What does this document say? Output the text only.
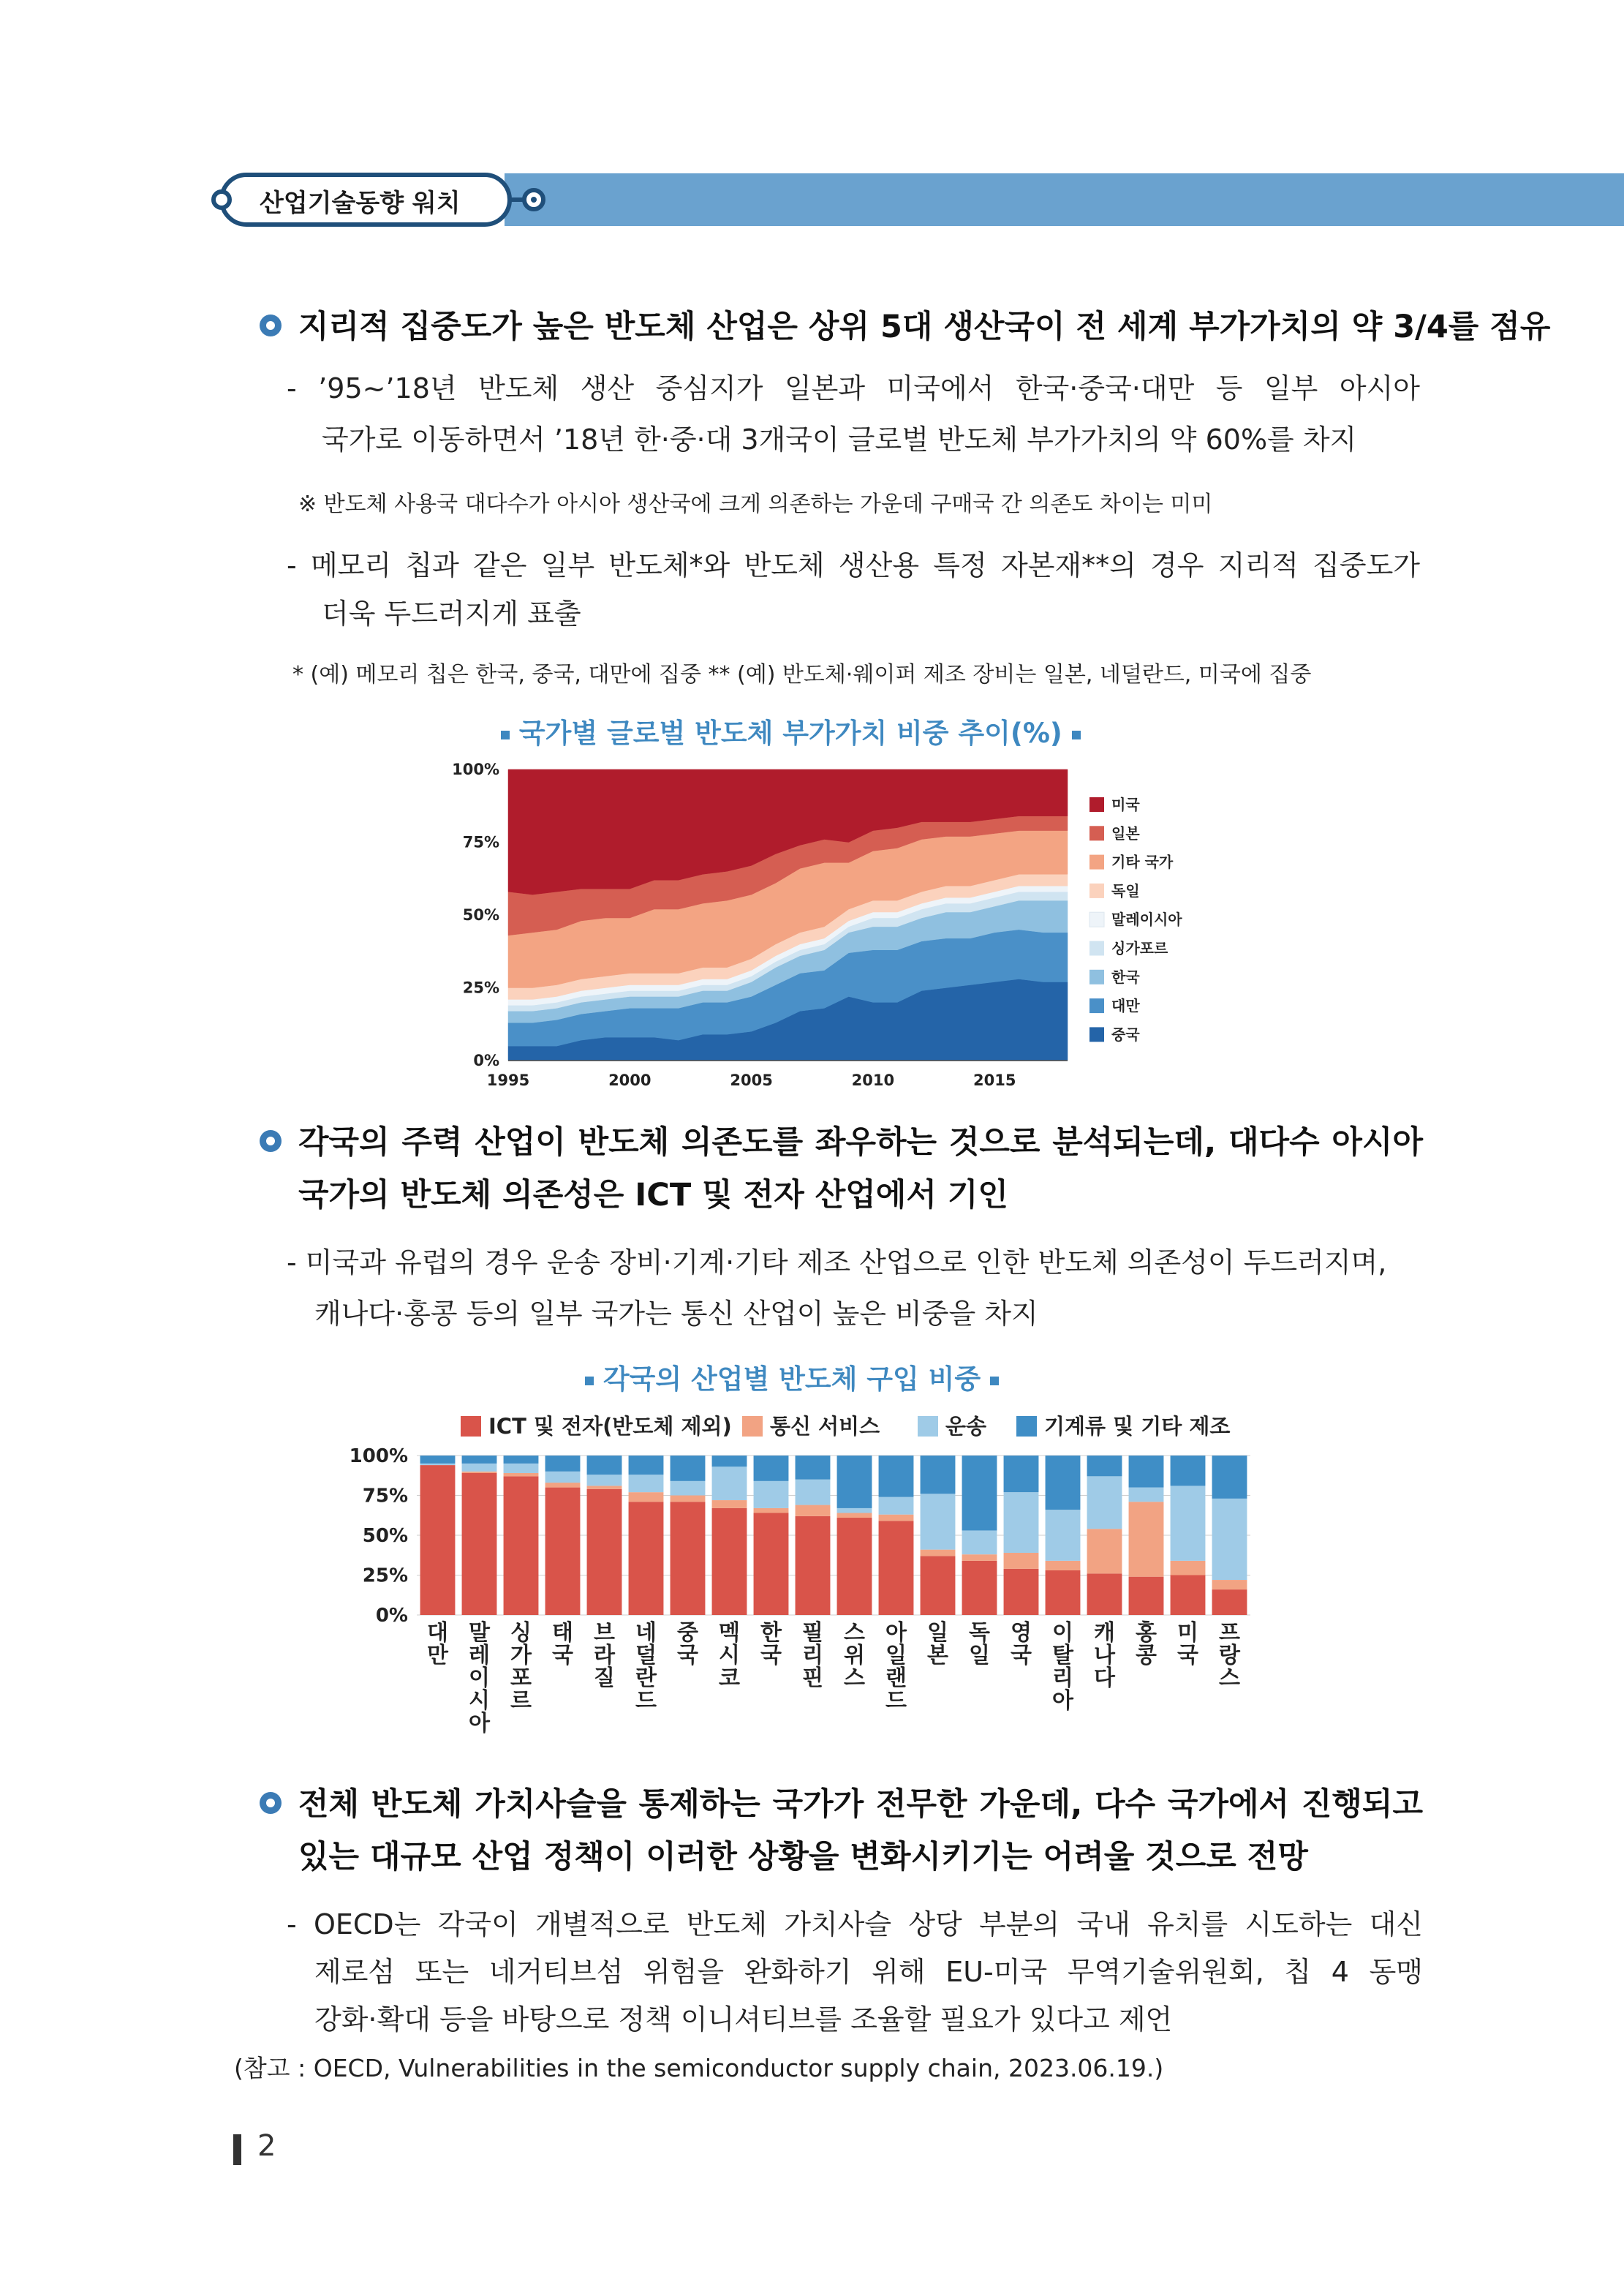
산업기술동향 워치
지리적 집중도가 높은 반도체 산업은 상위 5대 생산국이 전 세계 부가가치의 약 3/4를 점유
- ’95~’18년 반도체 생산 중심지가 일본과 미국에서 한국·중국·대만 등 일부 아시아
국가로 이동하면서 ’18년 한·중·대 3개국이 글로벌 반도체 부가가치의 약 60%를 차지
※ 반도체 사용국 대다수가 아시아 생산국에 크게 의존하는 가운데 구매국 간 의존도 차이는 미미
- 메모리 칩과 같은 일부 반도체*와 반도체 생산용 특정 자본재**의 경우 지리적 집중도가
더욱 두드러지게 표출
* (예) 메모리 칩은 한국, 중국, 대만에 집중 ** (예) 반도체·웨이퍼 제조 장비는 일본, 네덜란드, 미국에 집중
국가별 글로벌 반도체 부가가치 비중 추이(%)
0%
25%
50%
75%
100%
1995	2000	2005	2010	2015
미국
일본
기타 국가
독일
말레이시아
싱가포르
한국
대만
중국
각국의 주력 산업이 반도체 의존도를 좌우하는 것으로 분석되는데, 대다수 아시아
국가의 반도체 의존성은 ICT 및 전자 산업에서 기인
- 미국과 유럽의 경우 운송 장비·기계·기타 제조 산업으로 인한 반도체 의존성이 두드러지며,
캐나다·홍콩 등의 일부 국가는 통신 산업이 높은 비중을 차지
각국의 산업별 반도체 구입 비중
ICT 및 전자(반도체 제외) 통신 서비스	운송	기계류 및 기타 제조
0%
25%
50%
75%
100%
대 만
말 레 이 시 아
싱 가 포 르
태 국
브 라 질
네 덜 란 드
중 국
멕 시 코
한 국
필 리 핀
스 위 스
아 일 랜 드
일 본
독 일
영 국
이 탈 리 아
캐 나 다
홍 콩
미 국
프 랑 스
전체 반도체 가치사슬을 통제하는 국가가 전무한 가운데, 다수 국가에서 진행되고
있는 대규모 산업 정책이 이러한 상황을 변화시키기는 어려울 것으로 전망
- OECD는 각국이 개별적으로 반도체 가치사슬 상당 부분의 국내 유치를 시도하는 대신
제로섬 또는 네거티브섬 위험을 완화하기 위해 EU-미국 무역기술위원회, 칩 4 동맹
강화·확대 등을 바탕으로 정책 이니셔티브를 조율할 필요가 있다고 제언
(참고 : OECD, Vulnerabilities in the semiconductor supply chain, 2023.06.19.)
2
